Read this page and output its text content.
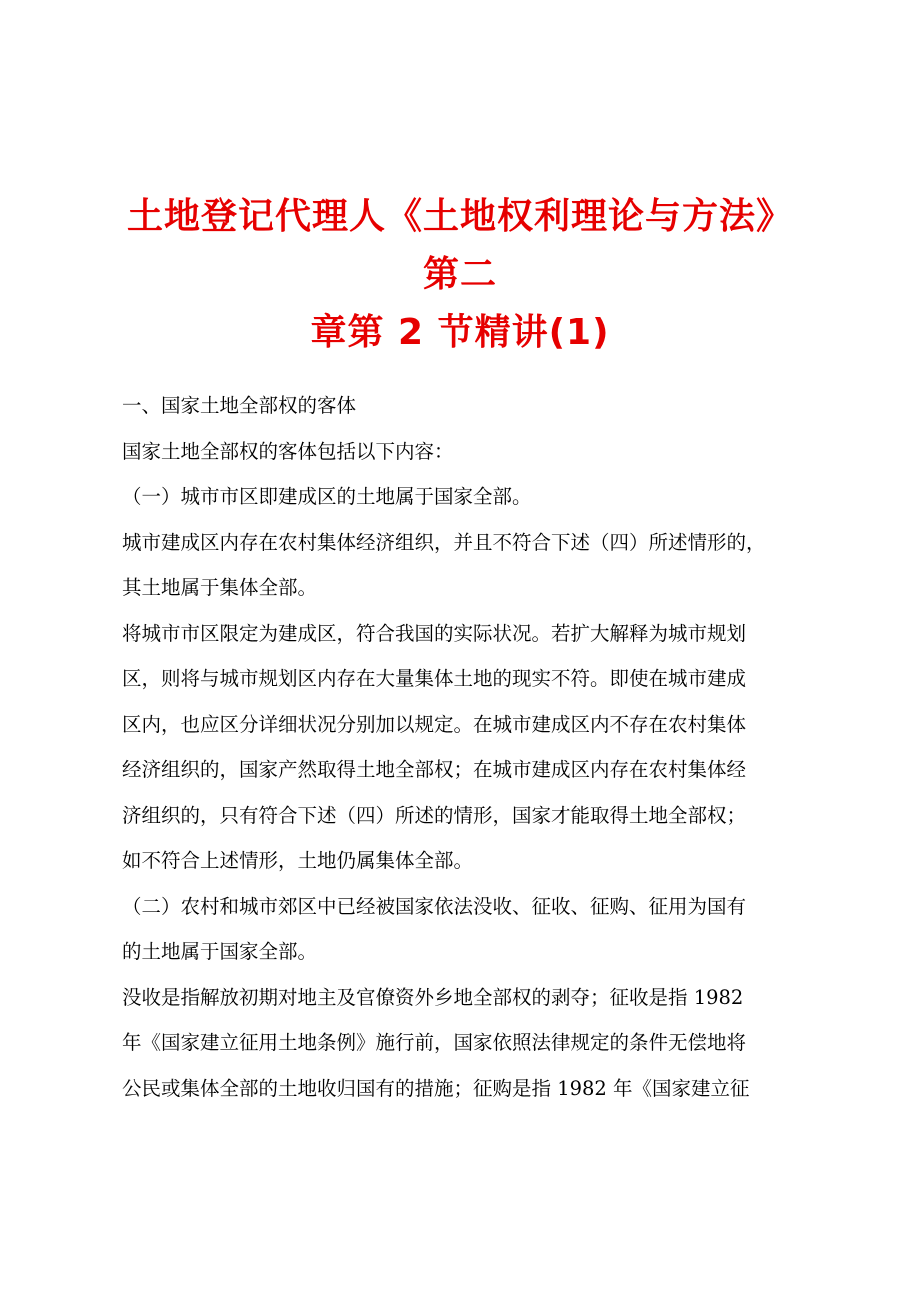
土地登记代理人《土地权利理论与方法》第二
章第 2 节精讲(1)

一、国家土地全部权的客体

国家土地全部权的客体包括以下内容：

（一）城市市区即建成区的土地属于国家全部。

城市建成区内存在农村集体经济组织，并且不符合下述（四）所述情形的，
其土地属于集体全部。

将城市市区限定为建成区，符合我国的实际状况。若扩大解释为城市规划
区，则将与城市规划区内存在大量集体土地的现实不符。即使在城市建成
区内，也应区分详细状况分别加以规定。在城市建成区内不存在农村集体
经济组织的，国家产然取得土地全部权；在城市建成区内存在农村集体经
济组织的，只有符合下述（四）所述的情形，国家才能取得土地全部权；
如不符合上述情形，土地仍属集体全部。

（二）农村和城市郊区中已经被国家依法没收、征收、征购、征用为国有
的土地属于国家全部。

没收是指解放初期对地主及官僚资外乡地全部权的剥夺；征收是指 1982
年《国家建立征用土地条例》施行前，国家依照法律规定的条件无偿地将
公民或集体全部的土地收归国有的措施；征购是指 1982 年《国家建立征
